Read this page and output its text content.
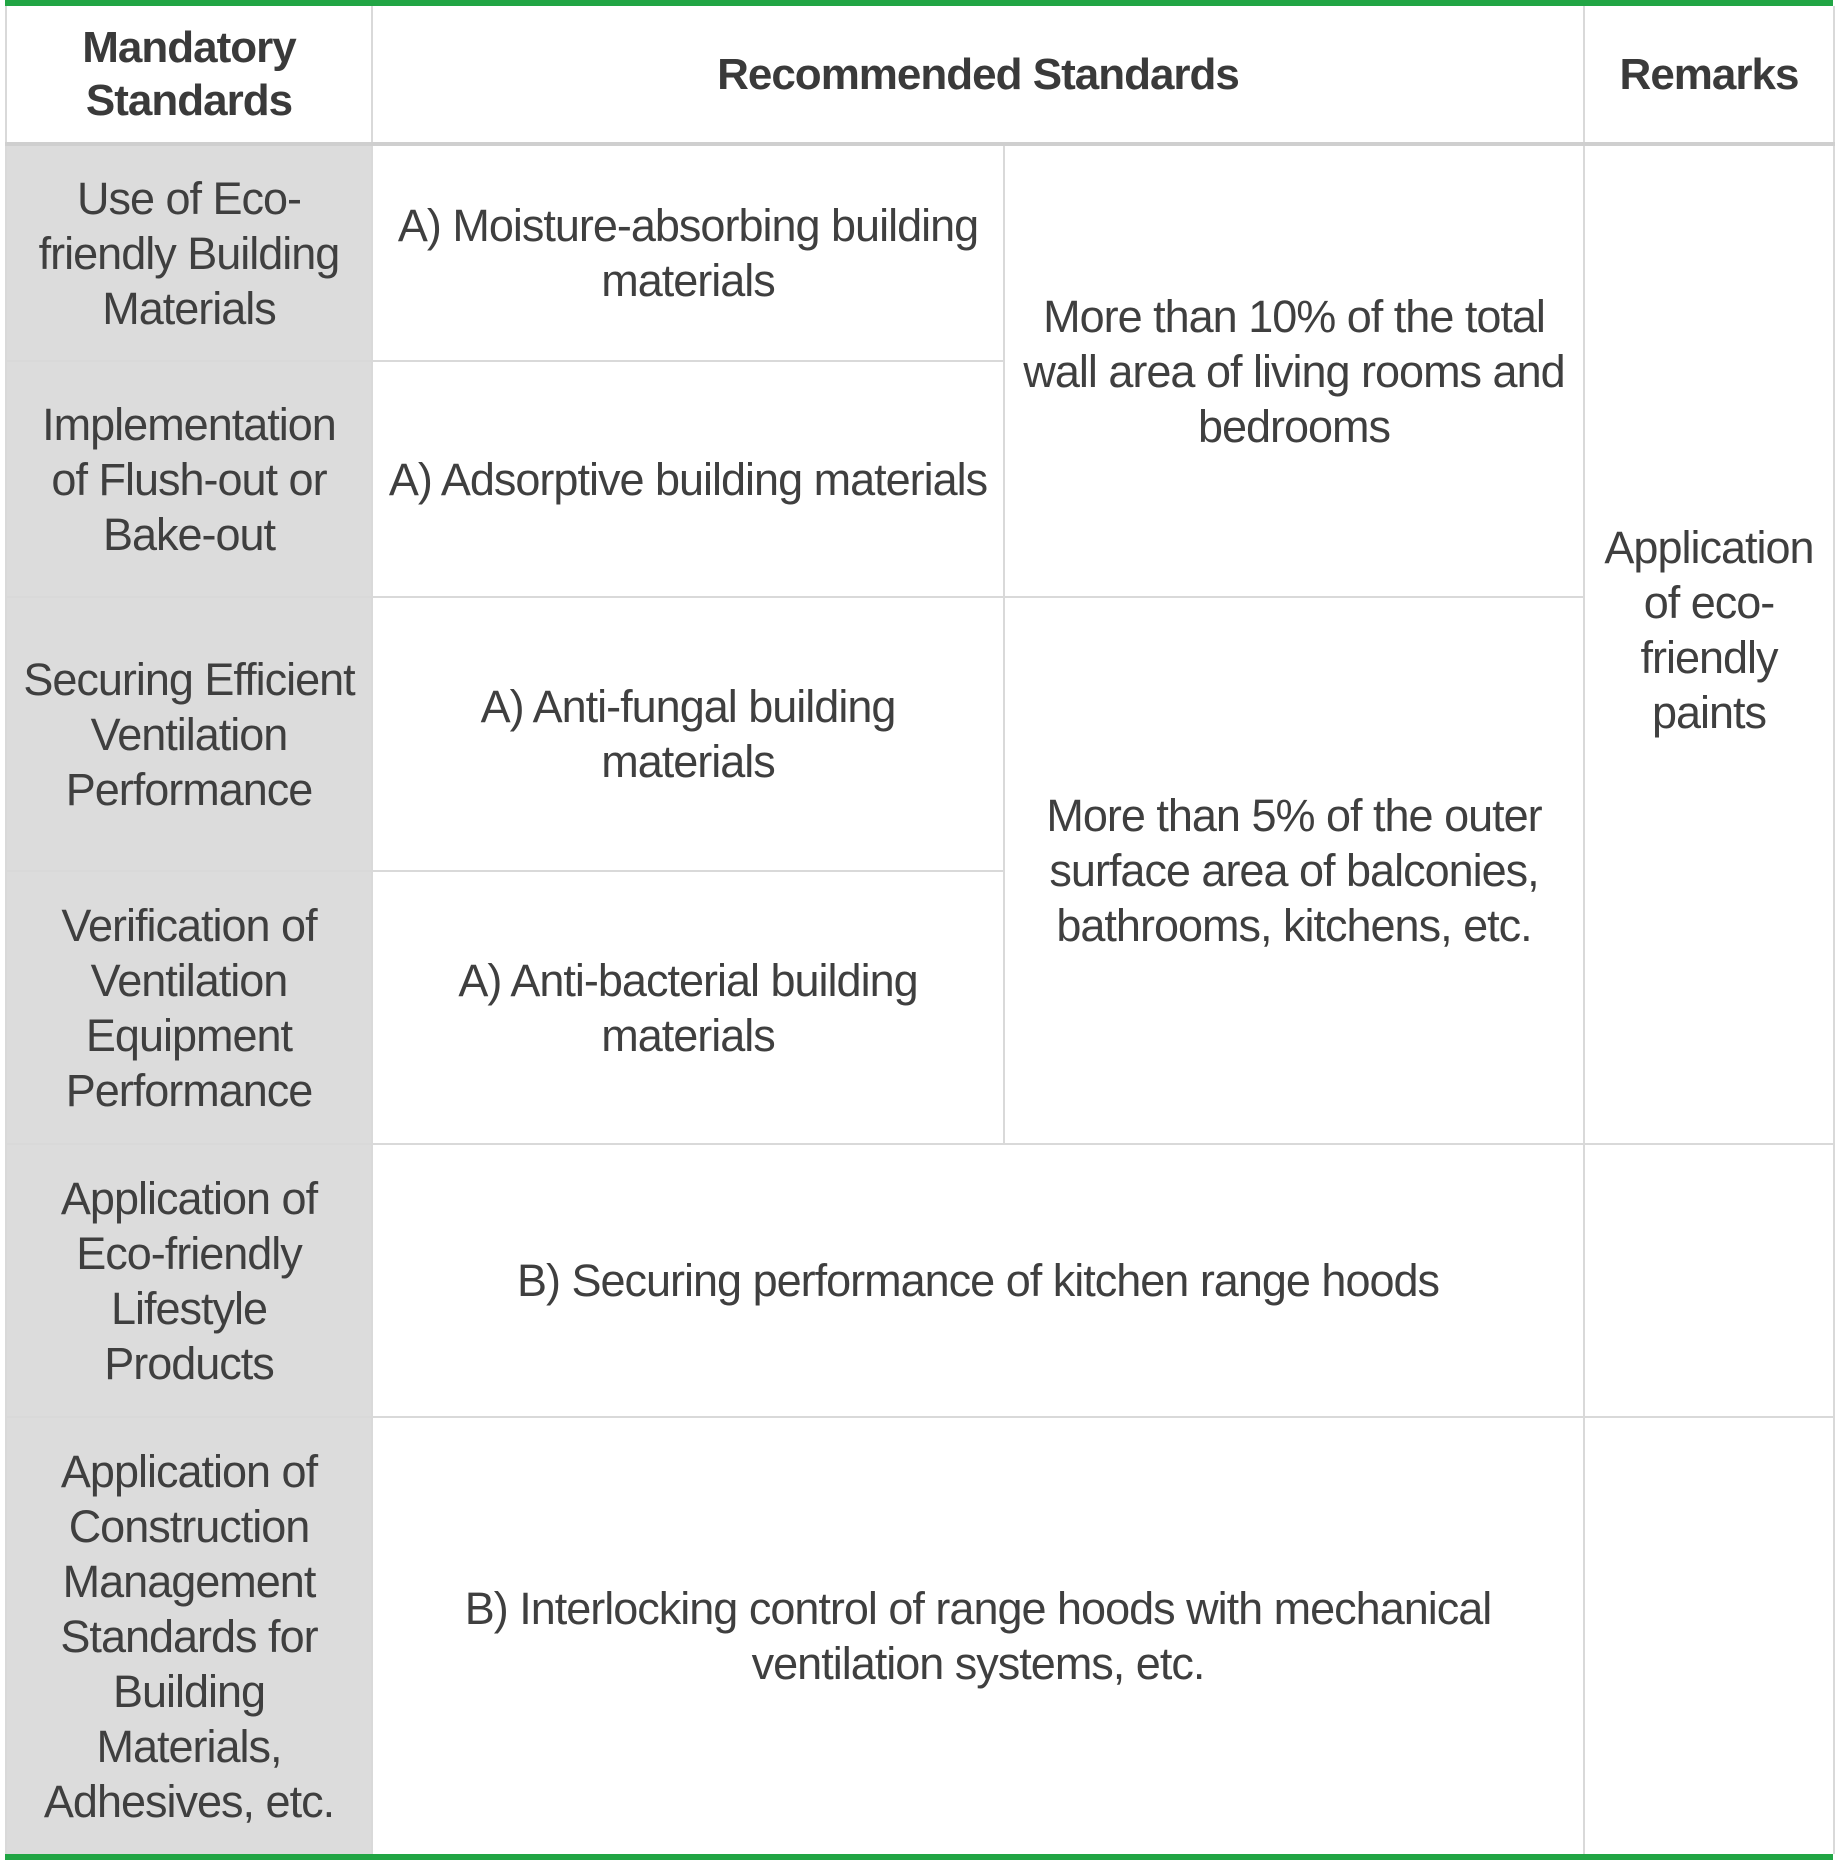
Mandatory Standards	Recommended Standards		Remarks
Use of Eco-friendly Building Materials	A) Moisture-absorbing building materials	More than 10% of the total wall area of living rooms and bedrooms	Application of eco-friendly paints
Implementation of Flush-out or Bake-out	A) Adsorptive building materials		
Securing Efficient Ventilation Performance	A) Anti-fungal building materials	More than 5% of the outer surface area of balconies, bathrooms, kitchens, etc.	
Verification of Ventilation Equipment Performance	A) Anti-bacterial building materials		
Application of Eco-friendly Lifestyle Products	B) Securing performance of kitchen range hoods		
Application of Construction Management Standards for Building Materials, Adhesives, etc.	B) Interlocking control of range hoods with mechanical ventilation systems, etc.		
